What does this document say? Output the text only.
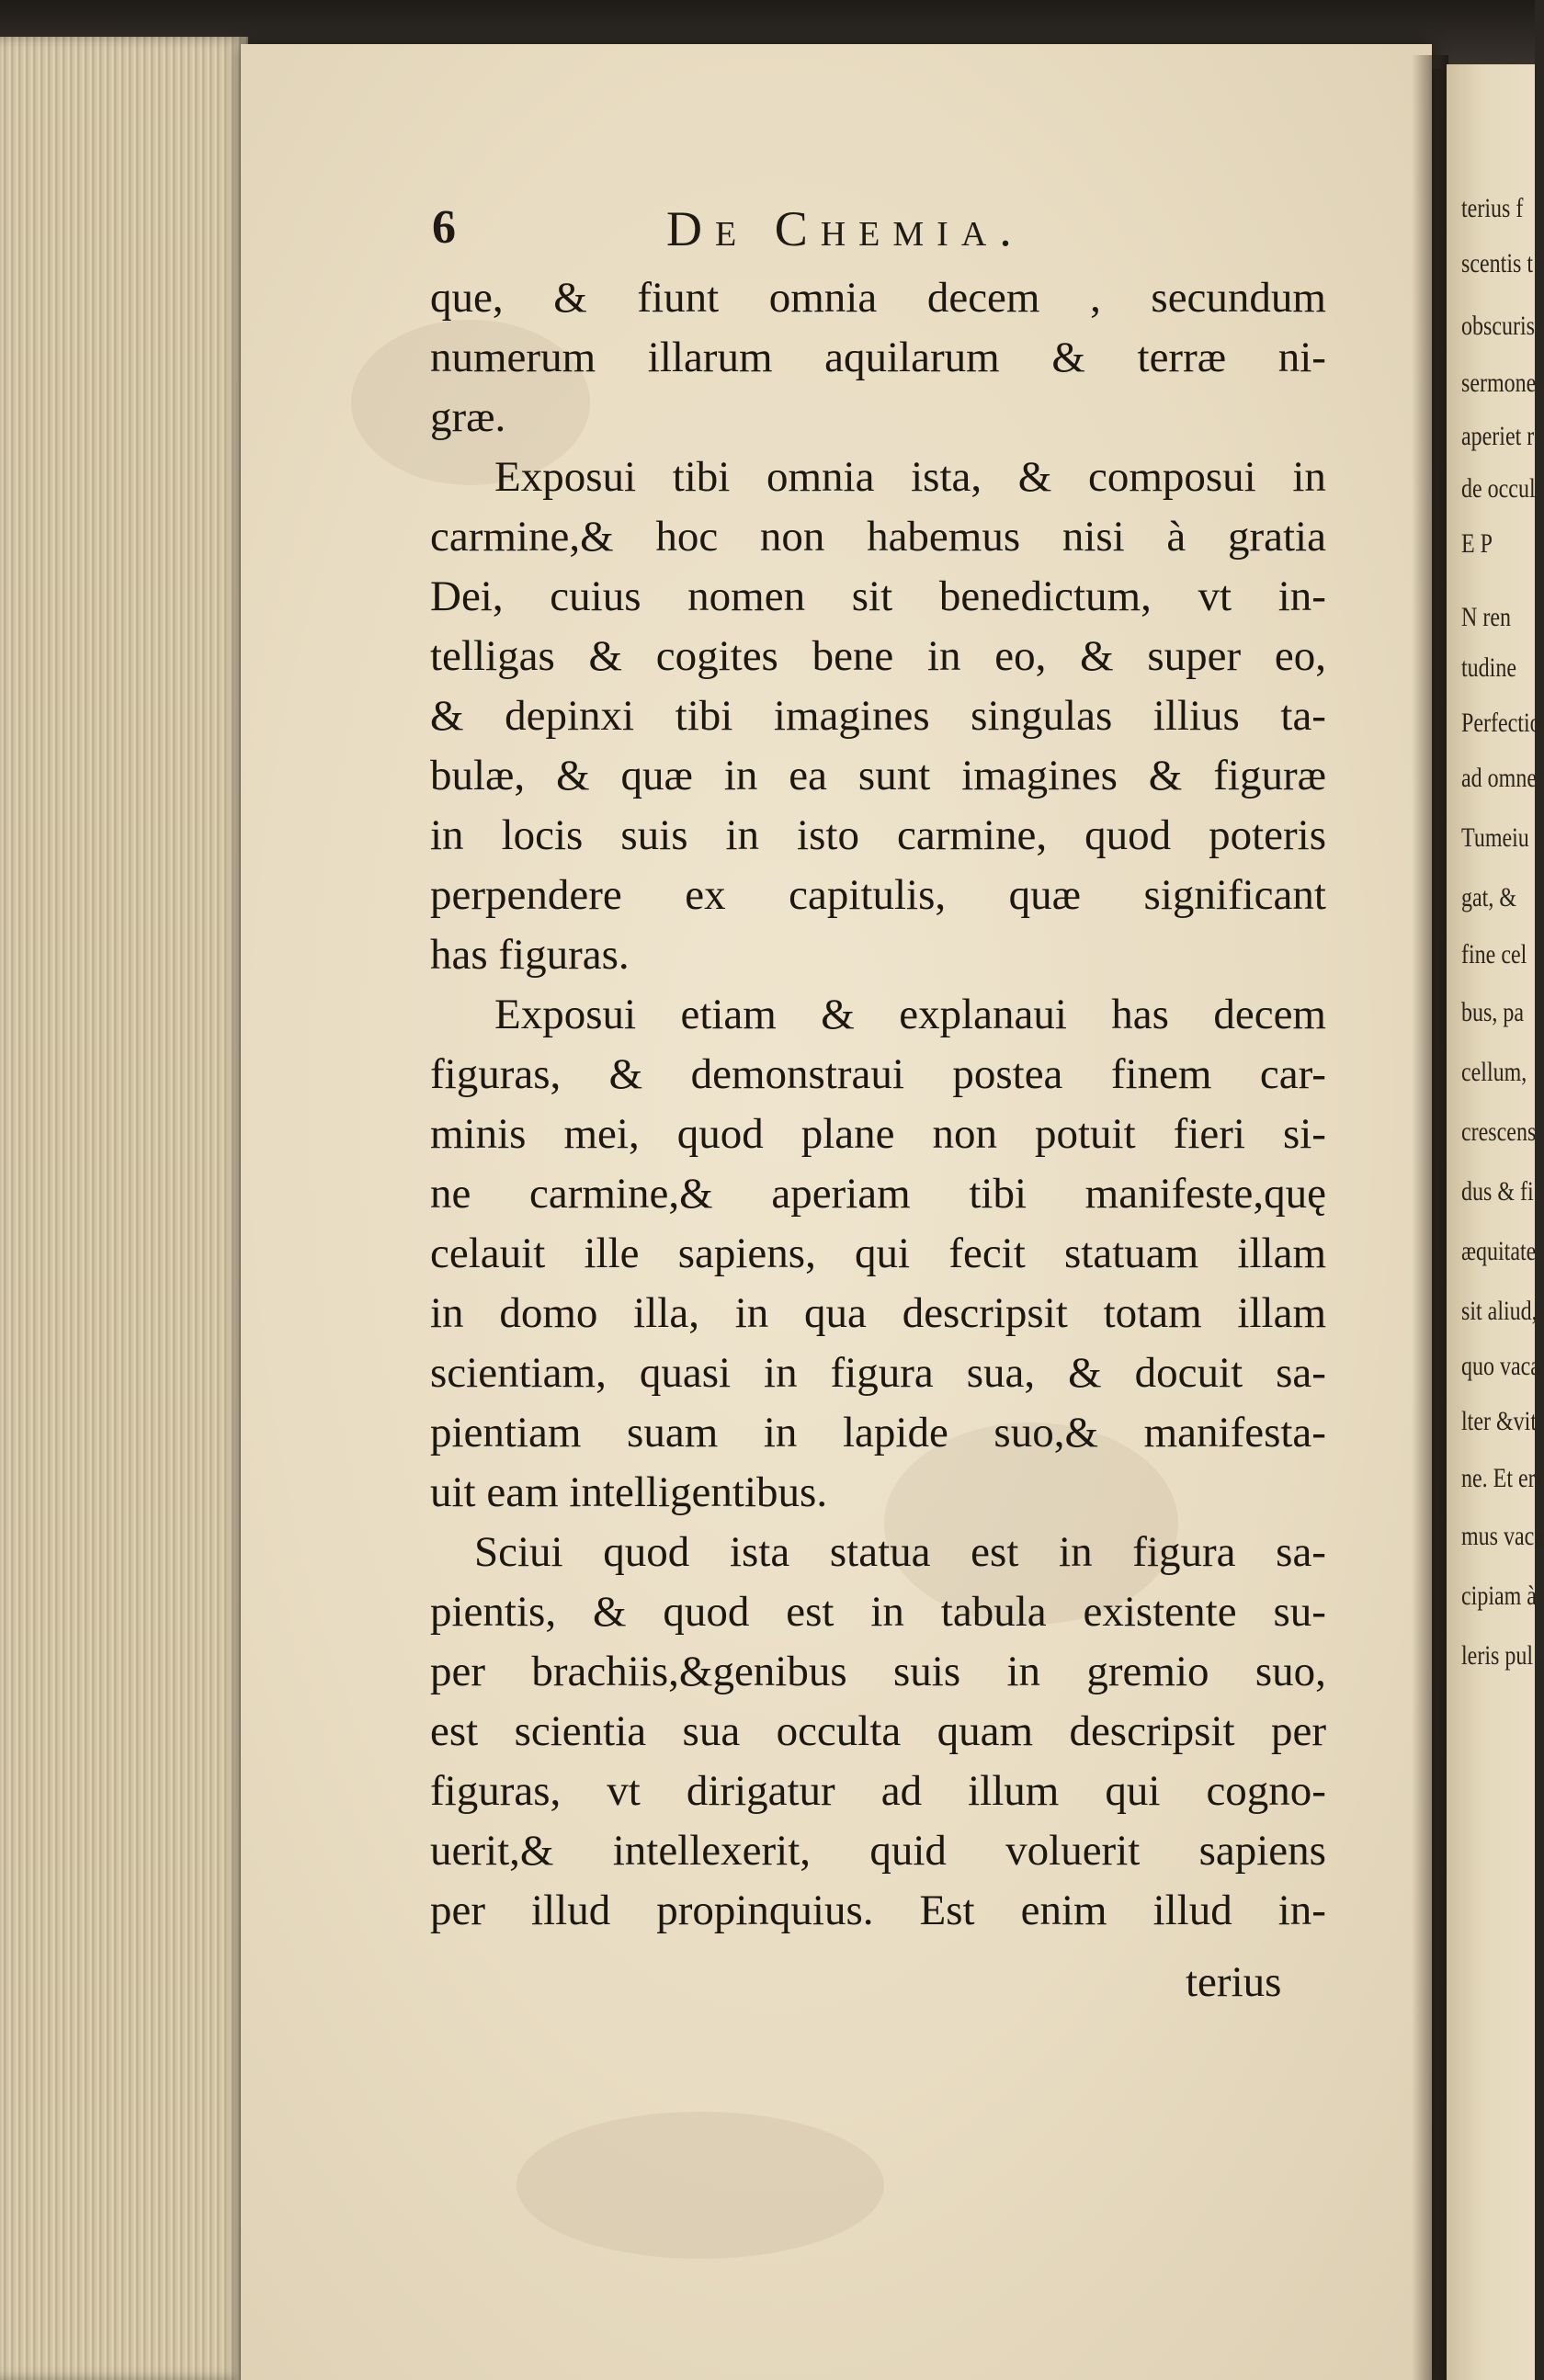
terius f
scentis t
obscuris
sermone
aperiet r
de occul
E P
N ren
tudine
Perfectio
ad omne
Tumeiu
gat, &
fine cel
bus, pa
cellum,
crescens
dus & fi
æquitate
sit aliud,
quo vaca
lter &vit
ne. Et eri
mus vaca
cipiam à
leris pul
6	De Chemia.
que, & fiunt omnia decem , secundum
numerum illarum aquilarum & terræ ni-
græ.
Exposui tibi omnia ista, & composui in
carmine,& hoc non habemus nisi à gratia
Dei, cuius nomen sit benedictum, vt in-
telligas & cogites bene in eo, & super eo,
& depinxi tibi imagines singulas illius ta-
bulæ, & quæ in ea sunt imagines & figuræ
in locis suis in isto carmine, quod poteris
perpendere ex capitulis, quæ significant
has figuras.
Exposui etiam & explanaui has decem
figuras, & demonstraui postea finem car-
minis mei, quod plane non potuit fieri si-
ne carmine,& aperiam tibi manifeste,quę
celauit ille sapiens, qui fecit statuam illam
in domo illa, in qua descripsit totam illam
scientiam, quasi in figura sua, & docuit sa-
pientiam suam in lapide suo,& manifesta-
uit eam intelligentibus.
Sciui quod ista statua est in figura sa-
pientis, & quod est in tabula existente su-
per brachiis,&genibus suis in gremio suo,
est scientia sua occulta quam descripsit per
figuras, vt dirigatur ad illum qui cogno-
uerit,& intellexerit, quid voluerit sapiens
per illud propinquius. Est enim illud in-
terius
